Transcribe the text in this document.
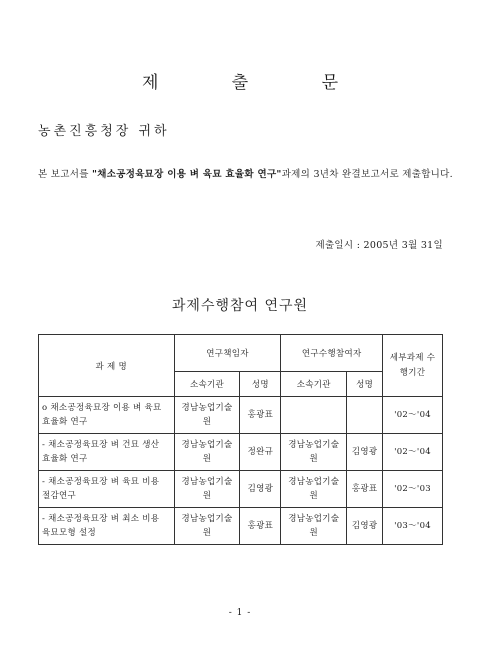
제 출 문
농촌진흥청장 귀하
본 보고서를 "채소공정육묘장 이용 벼 육묘 효율화 연구"과제의 3년차 완결보고서로 제출합니다.
제출일시 : 2005년 3월 31일
과제수행참여 연구원
과 제 명	연구책임자		연구수행참여자		세부과제 수행기간
	소속기관	성명	소속기관	성명	
o 채소공정육묘장 이용 벼 육묘 효율화 연구	경남농업기술원	홍광표			'02～'04
- 채소공정육묘장 벼 건묘 생산 효율화 연구	경남농업기술원	정완규	경남농업기술원	김영광	'02～'04
- 채소공정육묘장 벼 육묘 비용 절감연구	경남농업기술원	김영광	경남농업기술원	홍광표	'02～'03
- 채소공정육묘장 벼 최소 비용 육묘모형 설정	경남농업기술원	홍광표	경남농업기술원	김영광	'03～'04
- 1 -
